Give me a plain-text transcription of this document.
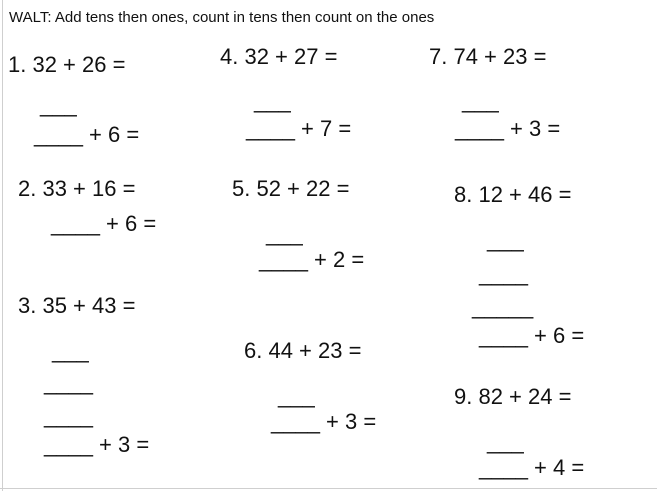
WALT: Add tens then ones, count in tens then count on the ones
1. 32 + 26 =
___
____ + 6 =
2. 33 + 16 =
____ + 6 =
3. 35 + 43 =
___
____
____
____ + 3 =
4. 32 + 27 =
___
____ + 7 =
5. 52 + 22 =
___
____ + 2 =
6. 44 + 23 =
___
____ + 3 =
7. 74 + 23 =
___
____ + 3 =
8. 12 + 46 =
___
____
_____
____ + 6 =
9. 82 + 24 =
___
____ + 4 =
